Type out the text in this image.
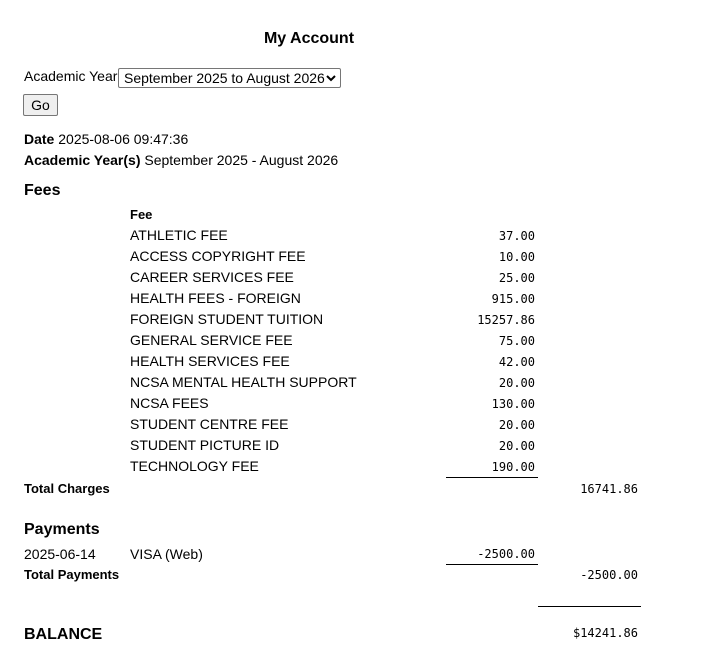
My Account
Academic Year September 2025 to August 2026
Go
Date 2025-08-06 09:47:36
Academic Year(s) September 2025 - August 2026
Fees
Fee
ATHLETIC FEE	37.00
ACCESS COPYRIGHT FEE	10.00
CAREER SERVICES FEE	25.00
HEALTH FEES - FOREIGN	915.00
FOREIGN STUDENT TUITION	15257.86
GENERAL SERVICE FEE	75.00
HEALTH SERVICES FEE	42.00
NCSA MENTAL HEALTH SUPPORT	20.00
NCSA FEES	130.00
STUDENT CENTRE FEE	20.00
STUDENT PICTURE ID	20.00
TECHNOLOGY FEE	190.00
Total Charges	16741.86
Payments
2025-06-14 VISA (Web)	-2500.00
Total Payments	-2500.00
BALANCE	$14241.86
